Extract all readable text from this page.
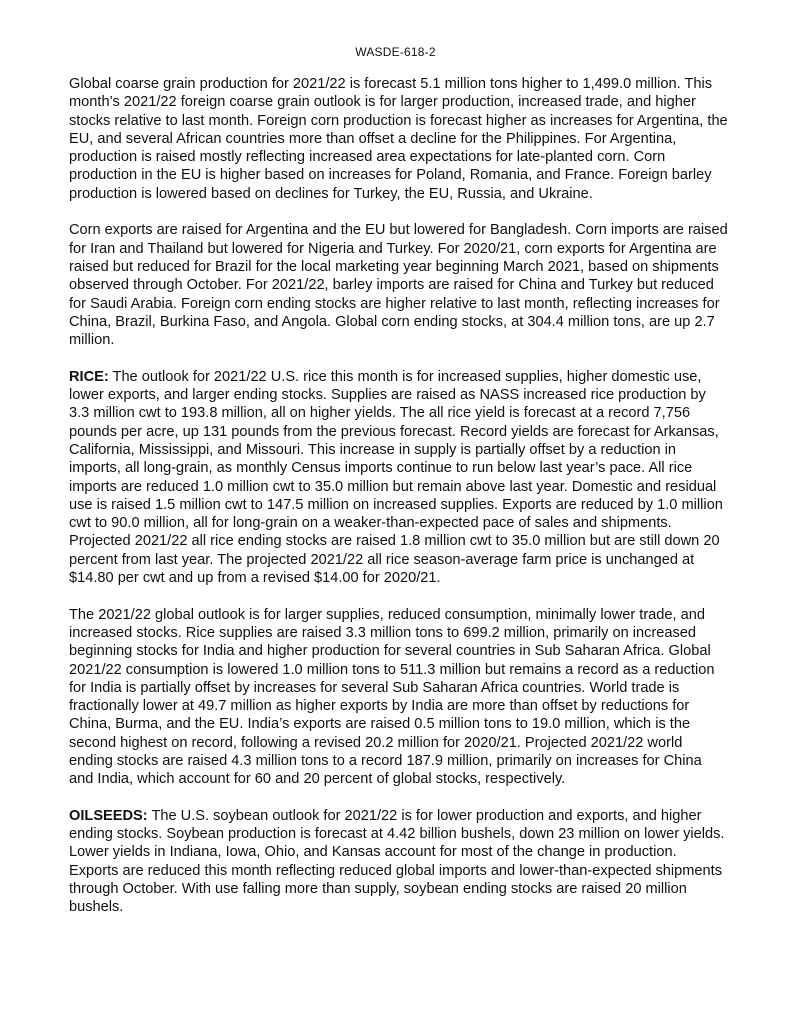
WASDE-618-2

Global coarse grain production for 2021/22 is forecast 5.1 million tons higher to 1,499.0 million. This month’s 2021/22 foreign coarse grain outlook is for larger production, increased trade, and higher stocks relative to last month. Foreign corn production is forecast higher as increases for Argentina, the EU, and several African countries more than offset a decline for the Philippines. For Argentina, production is raised mostly reflecting increased area expectations for late-planted corn. Corn production in the EU is higher based on increases for Poland, Romania, and France. Foreign barley production is lowered based on declines for Turkey, the EU, Russia, and Ukraine.

Corn exports are raised for Argentina and the EU but lowered for Bangladesh. Corn imports are raised for Iran and Thailand but lowered for Nigeria and Turkey. For 2020/21, corn exports for Argentina are raised but reduced for Brazil for the local marketing year beginning March 2021, based on shipments observed through October. For 2021/22, barley imports are raised for China and Turkey but reduced for Saudi Arabia. Foreign corn ending stocks are higher relative to last month, reflecting increases for China, Brazil, Burkina Faso, and Angola. Global corn ending stocks, at 304.4 million tons, are up 2.7 million.

RICE: The outlook for 2021/22 U.S. rice this month is for increased supplies, higher domestic use, lower exports, and larger ending stocks. Supplies are raised as NASS increased rice production by 3.3 million cwt to 193.8 million, all on higher yields. The all rice yield is forecast at a record 7,756 pounds per acre, up 131 pounds from the previous forecast. Record yields are forecast for Arkansas, California, Mississippi, and Missouri. This increase in supply is partially offset by a reduction in imports, all long-grain, as monthly Census imports continue to run below last year’s pace. All rice imports are reduced 1.0 million cwt to 35.0 million but remain above last year. Domestic and residual use is raised 1.5 million cwt to 147.5 million on increased supplies. Exports are reduced by 1.0 million cwt to 90.0 million, all for long-grain on a weaker-than-expected pace of sales and shipments. Projected 2021/22 all rice ending stocks are raised 1.8 million cwt to 35.0 million but are still down 20 percent from last year. The projected 2021/22 all rice season-average farm price is unchanged at $14.80 per cwt and up from a revised $14.00 for 2020/21.

The 2021/22 global outlook is for larger supplies, reduced consumption, minimally lower trade, and increased stocks. Rice supplies are raised 3.3 million tons to 699.2 million, primarily on increased beginning stocks for India and higher production for several countries in Sub Saharan Africa. Global 2021/22 consumption is lowered 1.0 million tons to 511.3 million but remains a record as a reduction for India is partially offset by increases for several Sub Saharan Africa countries. World trade is fractionally lower at 49.7 million as higher exports by India are more than offset by reductions for China, Burma, and the EU. India’s exports are raised 0.5 million tons to 19.0 million, which is the second highest on record, following a revised 20.2 million for 2020/21. Projected 2021/22 world ending stocks are raised 4.3 million tons to a record 187.9 million, primarily on increases for China and India, which account for 60 and 20 percent of global stocks, respectively.

OILSEEDS: The U.S. soybean outlook for 2021/22 is for lower production and exports, and higher ending stocks. Soybean production is forecast at 4.42 billion bushels, down 23 million on lower yields. Lower yields in Indiana, Iowa, Ohio, and Kansas account for most of the change in production. Exports are reduced this month reflecting reduced global imports and lower-than-expected shipments through October. With use falling more than supply, soybean ending stocks are raised 20 million bushels.
